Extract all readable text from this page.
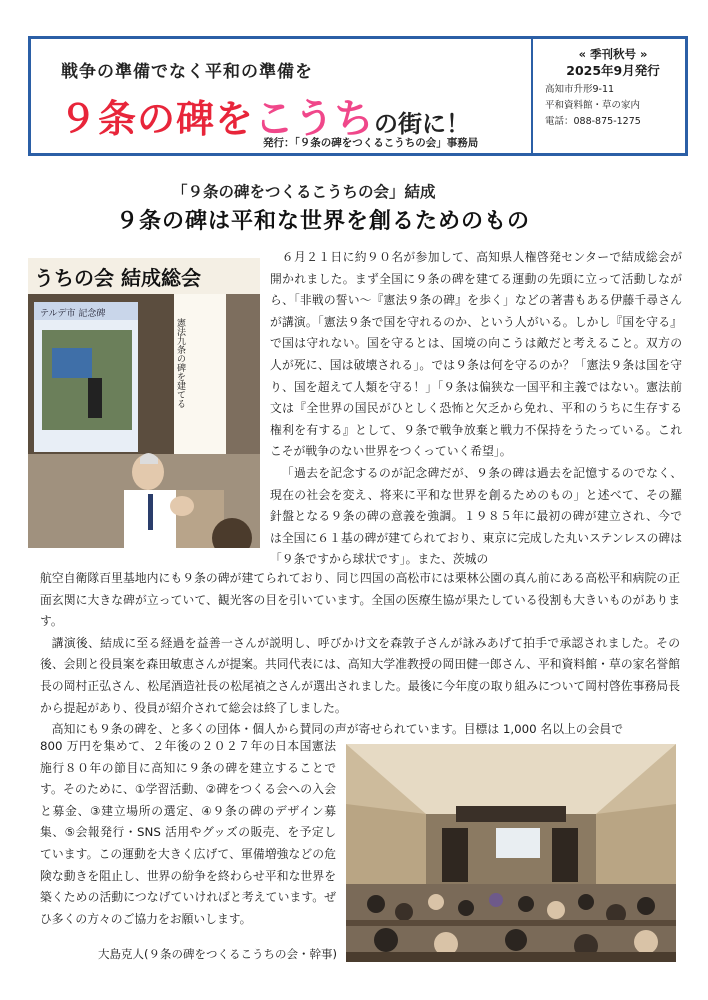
戦争の準備でなく平和の準備を
９条の碑をこうちの街に！
発行：「９条の碑をつくるこうちの会」事務局
« 季刊秋号 »
2025年9月発行
高知市升形9-11
平和資料館・草の家内
電話：088-875-1275
「９条の碑をつくるこうちの会」結成
９条の碑は平和な世界を創るためのもの
うちの会 結成総会
テルデ市 記念碑
憲法九条の碑を建てる

６月２１日に約９０名が参加して、高知県人権啓発センターで結成総会が開かれました。まず全国に９条の碑を建てる運動の先頭に立って活動しながら、「非戦の誓い～『憲法９条の碑』を歩く」などの著書もある伊藤千尋さんが講演。「憲法９条で国を守れるのか、という人がいる。しかし『国を守る』で国は守れない。国を守るとは、国境の向こうは敵だと考えること。双方の人が死に、国は破壊される」。では９条は何を守るのか？「憲法９条は国を守り、国を超えて人類を守る！」「９条は偏狭な一国平和主義ではない。憲法前文は『全世界の国民がひとしく恐怖と欠乏から免れ、平和のうちに生存する権利を有する』として、９条で戦争放棄と戦力不保持をうたっている。これこそが戦争のない世界をつくっていく希望」。

「過去を記念するのが記念碑だが、９条の碑は過去を記憶するのでなく、現在の社会を変え、将来に平和な世界を創るためのもの」と述べて、その羅針盤となる９条の碑の意義を強調。１９８５年に最初の碑が建立され、今では全国に６１基の碑が建てられており、東京に完成した丸いステンレスの碑は「９条ですから球状です」。また、茨城の

航空自衛隊百里基地内にも９条の碑が建てられており、同じ四国の高松市には栗林公園の真ん前にある高松平和病院の正面玄関に大きな碑が立っていて、観光客の目を引いています。全国の医療生協が果たしている役割も大きいものがあります。

講演後、結成に至る経過を益善一さんが説明し、呼びかけ文を森敦子さんが詠みあげて拍手で承認されました。その後、会則と役員案を森田敏恵さんが提案。共同代表には、高知大学准教授の岡田健一郎さん、平和資料館・草の家名誉館長の岡村正弘さん、松尾酒造社長の松尾禎之さんが選出されました。最後に今年度の取り組みについて岡村啓佐事務局長から提起があり、役員が紹介されて総会は終了しました。

高知にも９条の碑を、と多くの団体・個人から賛同の声が寄せられています。目標は 1,000 名以上の会員で

800 万円を集めて、２年後の２０２７年の日本国憲法施行８０年の節目に高知に９条の碑を建立することです。そのために、①学習活動、②碑をつくる会への入会と募金、③建立場所の選定、④９条の碑のデザイン募集、⑤会報発行・SNS 活用やグッズの販売、を予定しています。この運動を大きく広げて、軍備増強などの危険な動きを阻止し、世界の紛争を終わらせ平和な世界を築くための活動につなげていければと考えています。ぜひ多くの方々のご協力をお願いします。

大島克人(９条の碑をつくるこうちの会・幹事)
